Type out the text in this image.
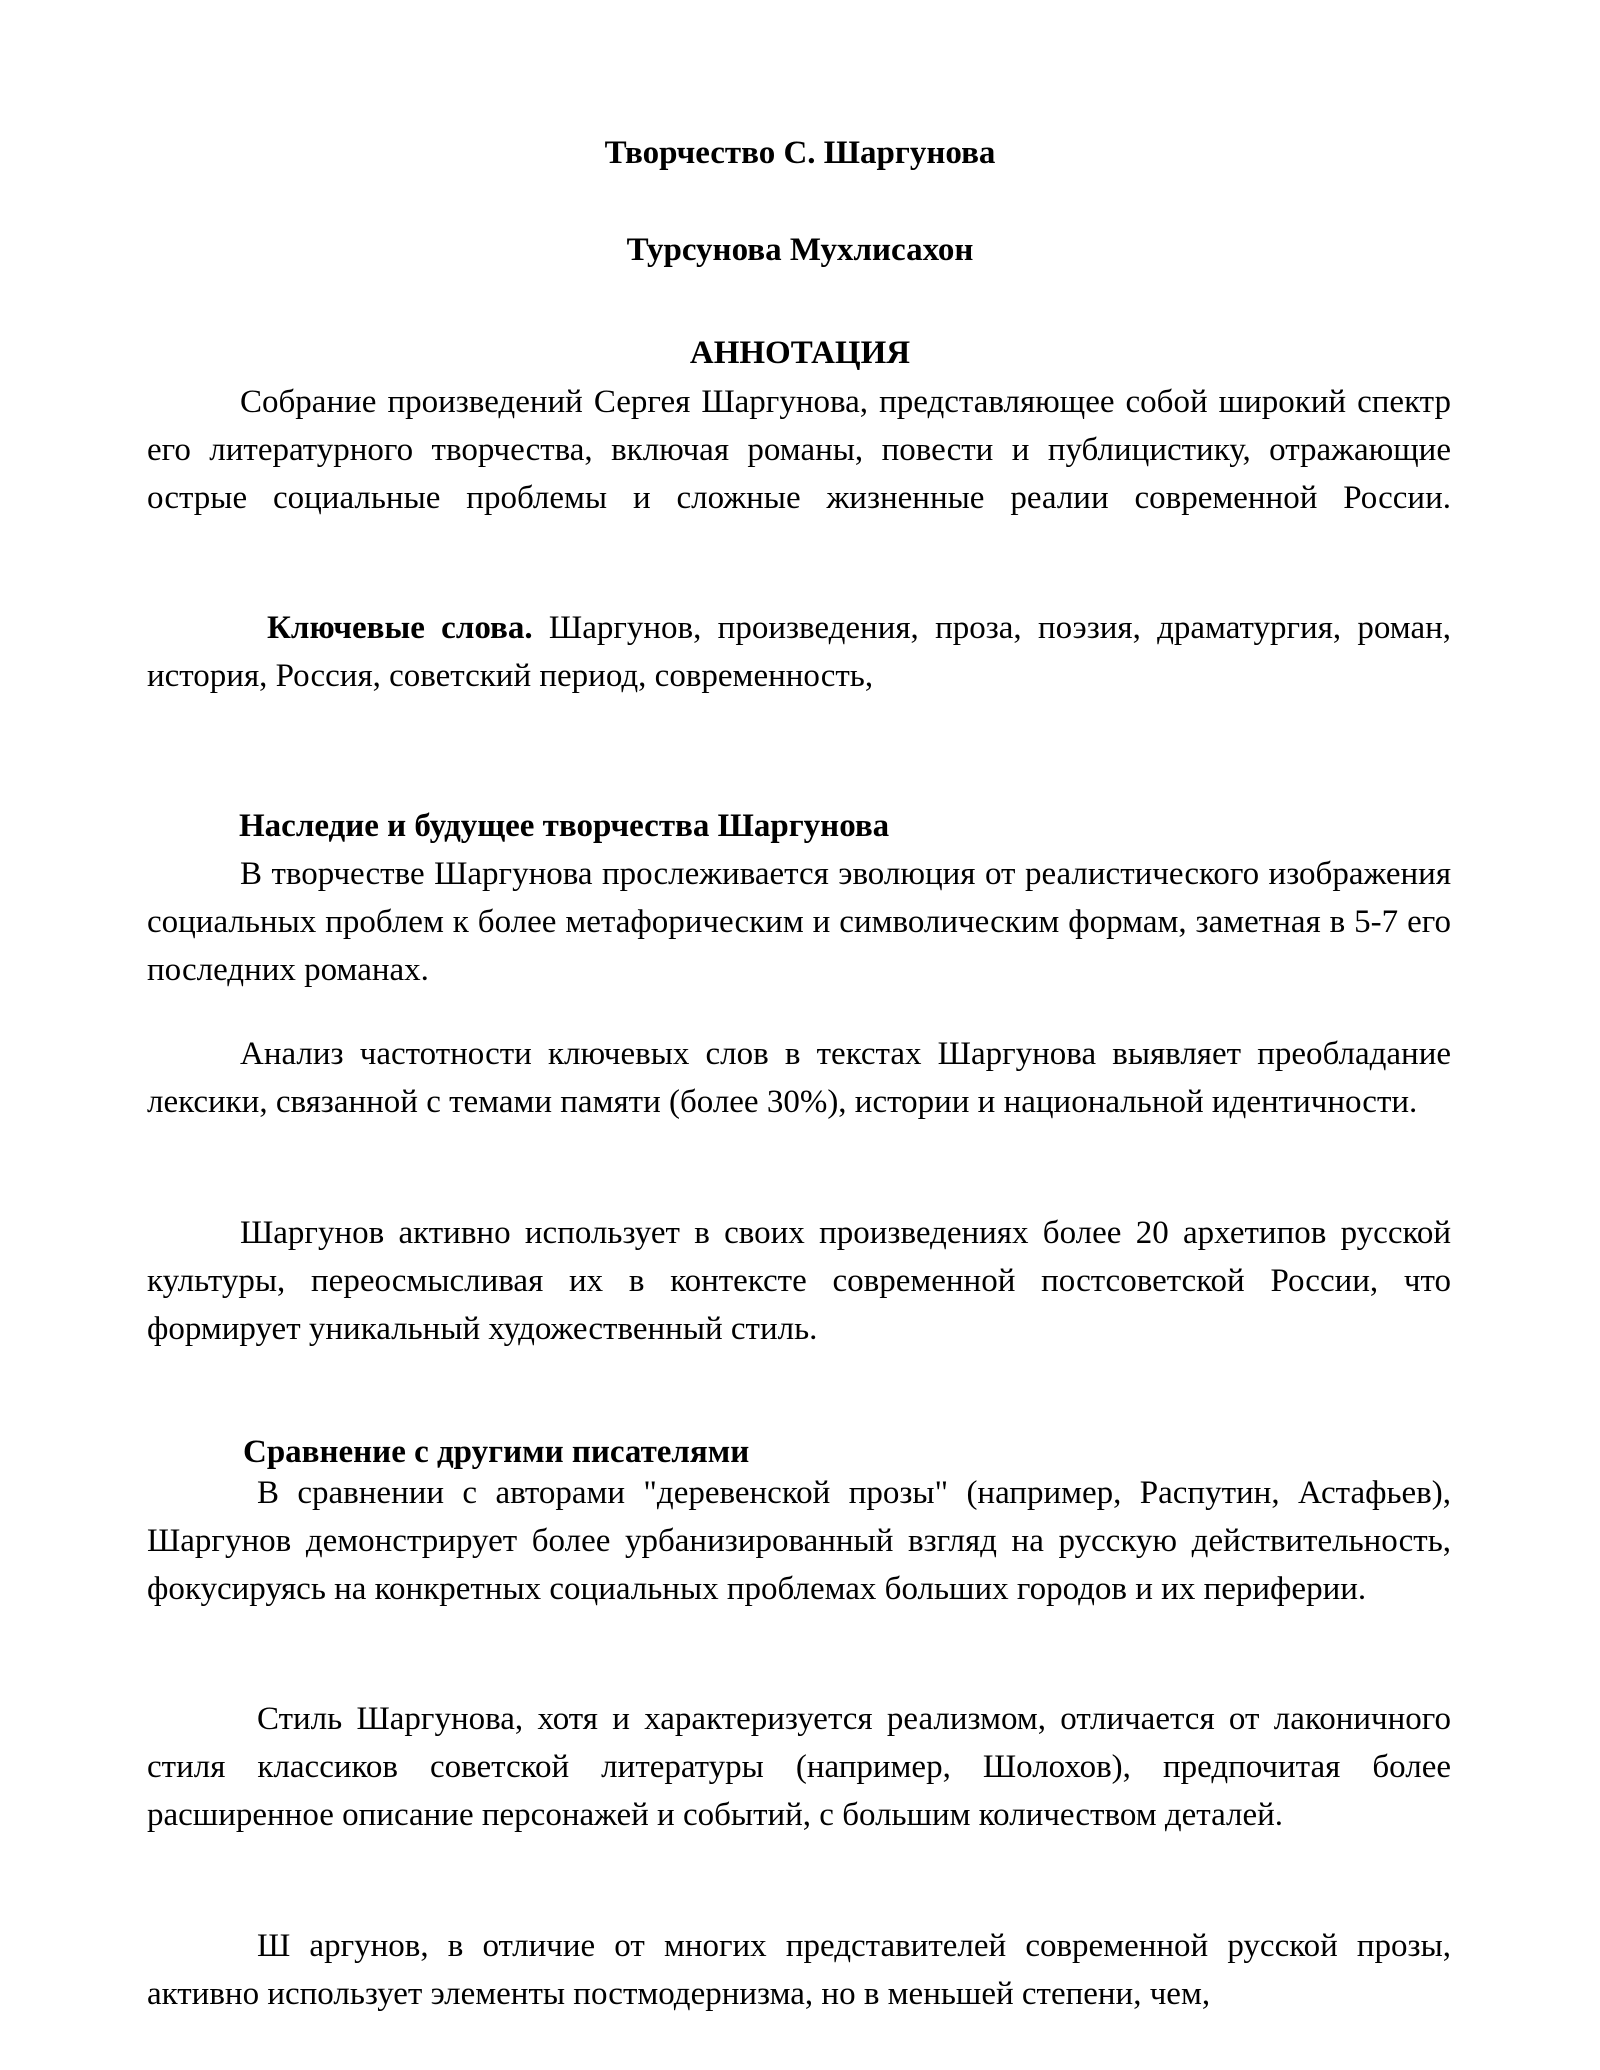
Творчество С. Шаргунова
Турсунова Мухлисахон
АННОТАЦИЯ
Собрание произведений Сергея Шаргунова, представляющее собой широкий спектр его литературного творчества, включая романы, повести и публицистику, отражающие острые социальные проблемы и сложные жизненные реалии современной России.
Ключевые слова. Шаргунов, произведения, проза, поэзия, драматургия, роман, история, Россия, советский период, современность,
Наследие и будущее творчества Шаргунова
В творчестве Шаргунова прослеживается эволюция от реалистического изображения социальных проблем к более метафорическим и символическим формам, заметная в 5-7 его последних романах.
Анализ частотности ключевых слов в текстах Шаргунова выявляет преобладание лексики, связанной с темами памяти (более 30%), истории и национальной идентичности.
Шаргунов активно использует в своих произведениях более 20 архетипов русской культуры, переосмысливая их в контексте современной постсоветской России, что формирует уникальный художественный стиль.
Сравнение с другими писателями
В сравнении с авторами "деревенской прозы" (например, Распутин, Астафьев), Шаргунов демонстрирует более урбанизированный взгляд на русскую действительность, фокусируясь на конкретных социальных проблемах больших городов и их периферии.
Стиль Шаргунова, хотя и характеризуется реализмом, отличается от лаконичного стиля классиков советской литературы (например, Шолохов), предпочитая более расширенное описание персонажей и событий, с большим количеством деталей.
Ш аргунов, в отличие от многих представителей современной русской прозы, активно использует элементы постмодернизма, но в меньшей степени, чем,
